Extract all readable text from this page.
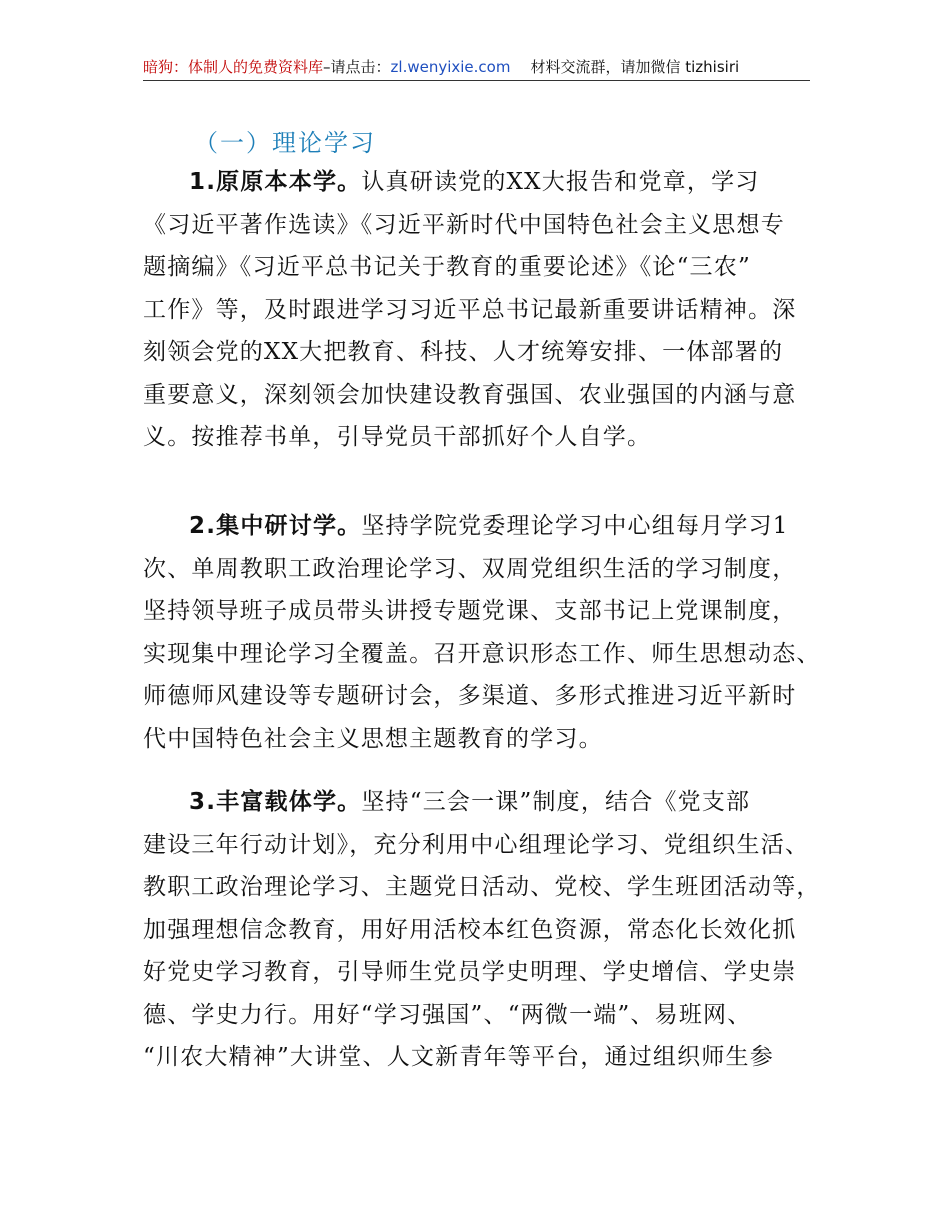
暗狗：体制人的免费资料库–请点击：zl.wenyixie.com 材料交流群，请加微信 tizhisiri
（一）理论学习
1.原原本本学。认真研读党的XX大报告和党章，学习
《习近平著作选读》《习近平新时代中国特色社会主义思想专
题摘编》《习近平总书记关于教育的重要论述》《论“三农”
工作》等，及时跟进学习习近平总书记最新重要讲话精神。深
刻领会党的XX大把教育、科技、人才统筹安排、一体部署的
重要意义，深刻领会加快建设教育强国、农业强国的内涵与意
义。按推荐书单，引导党员干部抓好个人自学。
2.集中研讨学。坚持学院党委理论学习中心组每月学习1
次、单周教职工政治理论学习、双周党组织生活的学习制度，
坚持领导班子成员带头讲授专题党课、支部书记上党课制度，
实现集中理论学习全覆盖。召开意识形态工作、师生思想动态、
师德师风建设等专题研讨会，多渠道、多形式推进习近平新时
代中国特色社会主义思想主题教育的学习。
3.丰富载体学。坚持“三会一课”制度，结合《党支部
建设三年行动计划》，充分利用中心组理论学习、党组织生活、
教职工政治理论学习、主题党日活动、党校、学生班团活动等，
加强理想信念教育，用好用活校本红色资源，常态化长效化抓
好党史学习教育，引导师生党员学史明理、学史增信、学史崇
德、学史力行。用好“学习强国”、“两微一端”、易班网、
“川农大精神”大讲堂、人文新青年等平台，通过组织师生参
